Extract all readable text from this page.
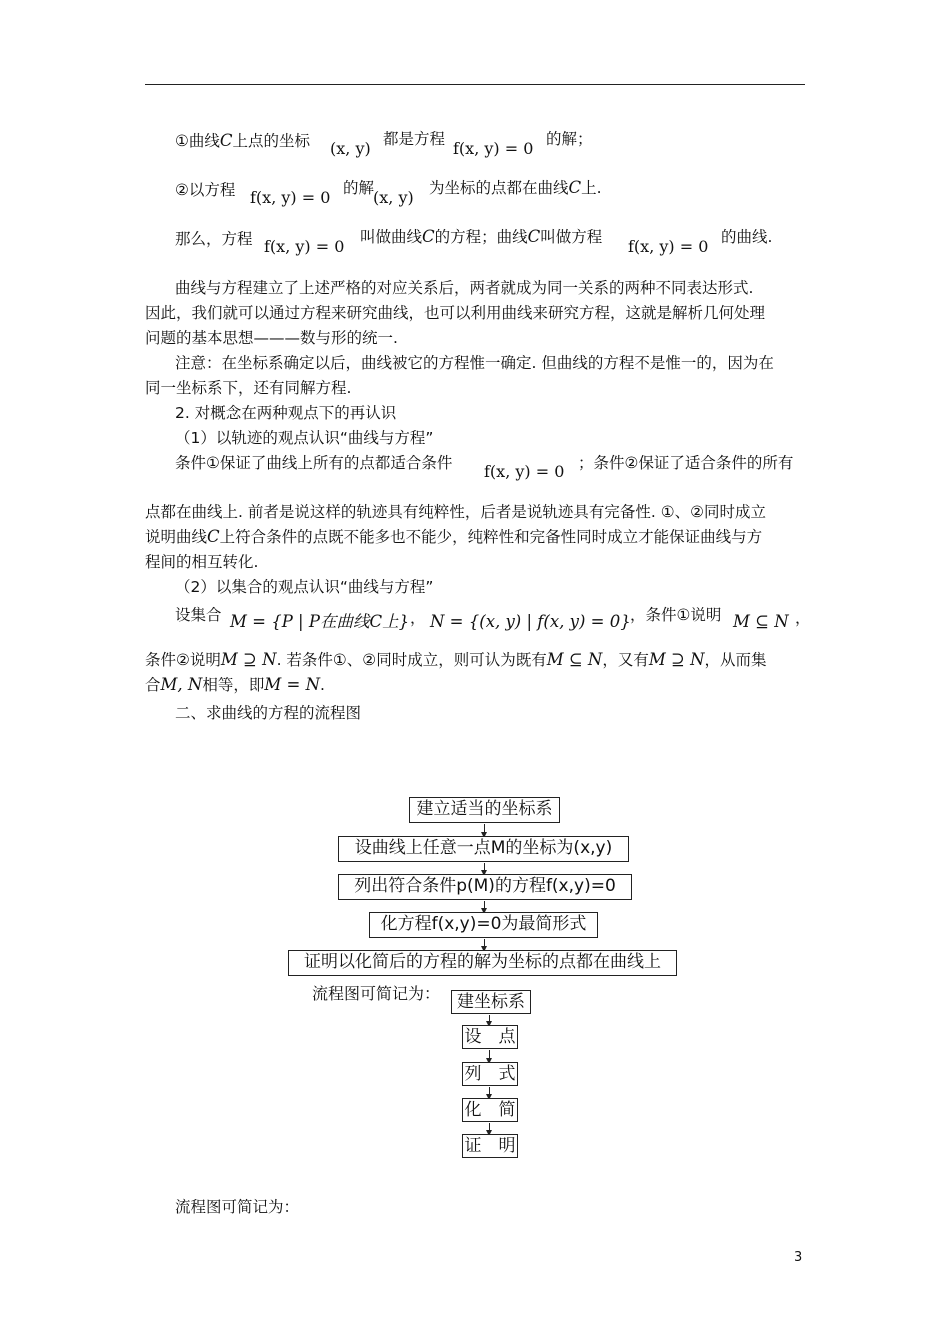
①曲线C上点的坐标 (x, y) 都是方程 f(x, y) = 0 的解；
②以方程 f(x, y) = 0 的解
(x, y) 为坐标的点都在曲线C上.
那么，方程 f(x, y) = 0 叫做曲线C的方程；曲线C叫做方程 f(x, y) = 0 的曲线.
曲线与方程建立了上述严格的对应关系后，两者就成为同一关系的两种不同表达形式.
因此，我们就可以通过方程来研究曲线，也可以利用曲线来研究方程，这就是解析几何处理
问题的基本思想———数与形的统一.
注意：在坐标系确定以后，曲线被它的方程惟一确定. 但曲线的方程不是惟一的，因为在
同一坐标系下，还有同解方程.
2. 对概念在两种观点下的再认识
（1）以轨迹的观点认识“曲线与方程”
条件①保证了曲线上所有的点都适合条件 f(x, y) = 0 ；条件②保证了适合条件的所有
点都在曲线上. 前者是说这样的轨迹具有纯粹性，后者是说轨迹具有完备性. ①、②同时成立
说明曲线C上符合条件的点既不能多也不能少，纯粹性和完备性同时成立才能保证曲线与方
程间的相互转化.
（2）以集合的观点认识“曲线与方程”
设集合 M = {P | P在曲线C上} ， N = {(x, y) | f(x, y) = 0} ，条件①说明 M ⊆ N ，
条件②说明M ⊇ N. 若条件①、②同时成立，则可认为既有M ⊆ N，又有M ⊇ N，从而集
合M, N相等，即M = N.
二、求曲线的方程的流程图
建立适当的坐标系
设曲线上任意一点M的坐标为(x,y)
列出符合条件p(M)的方程f(x,y)=0
化方程f(x,y)=0为最简形式
证明以化简后的方程的解为坐标的点都在曲线上
流程图可简记为： 建坐标系
设　点
列　式
化　简
证　明
流程图可简记为：
3
